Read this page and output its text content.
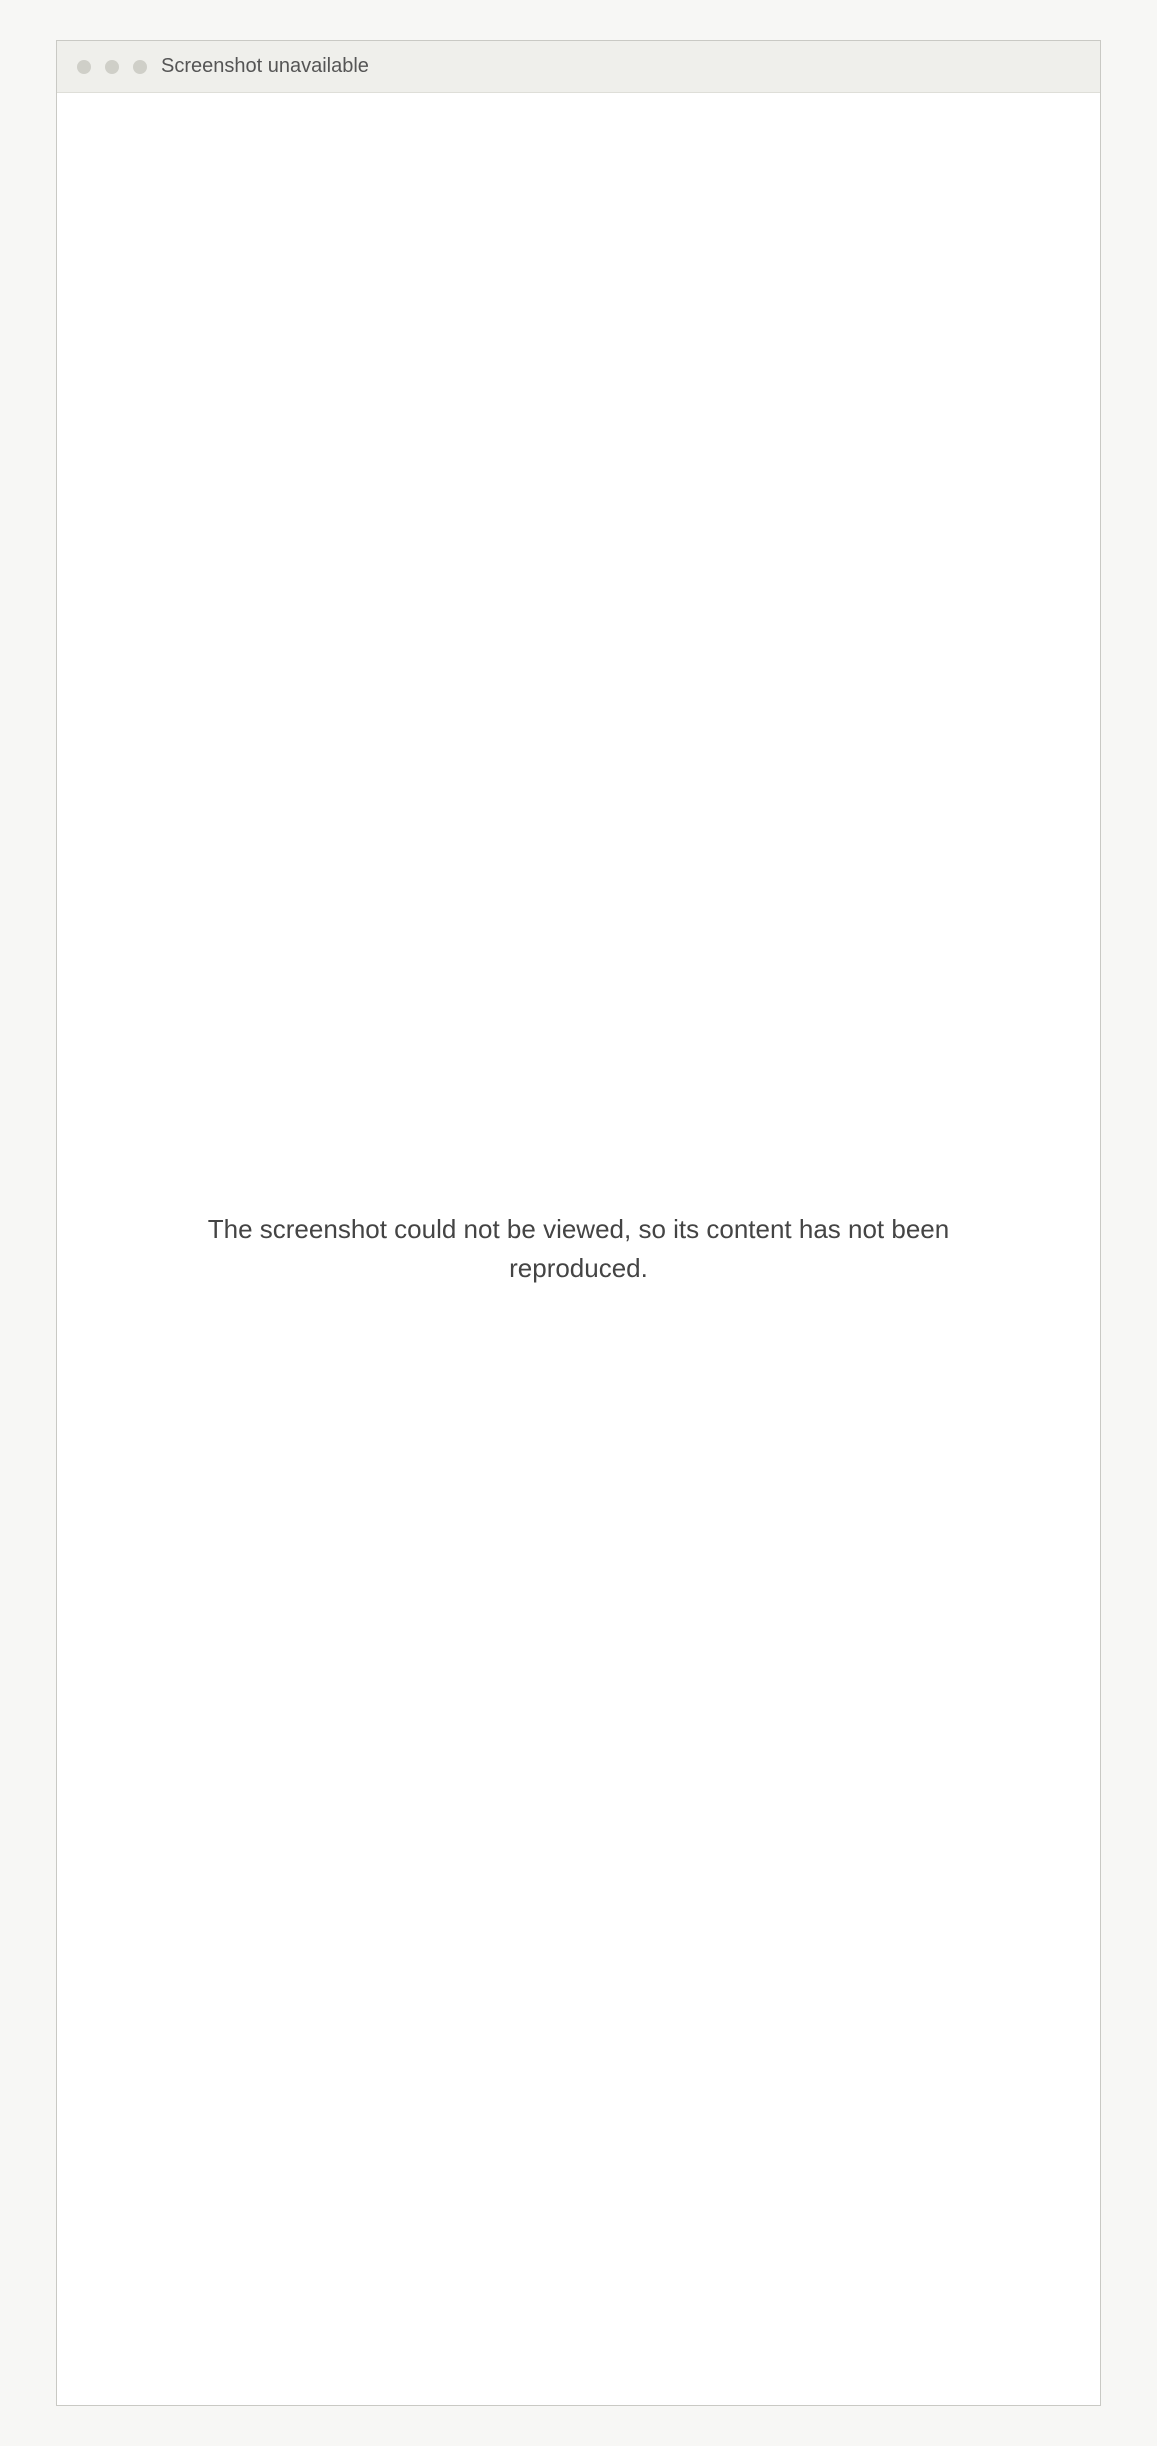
Screenshot unavailable

The screenshot could not be viewed, so its content has not been reproduced.
